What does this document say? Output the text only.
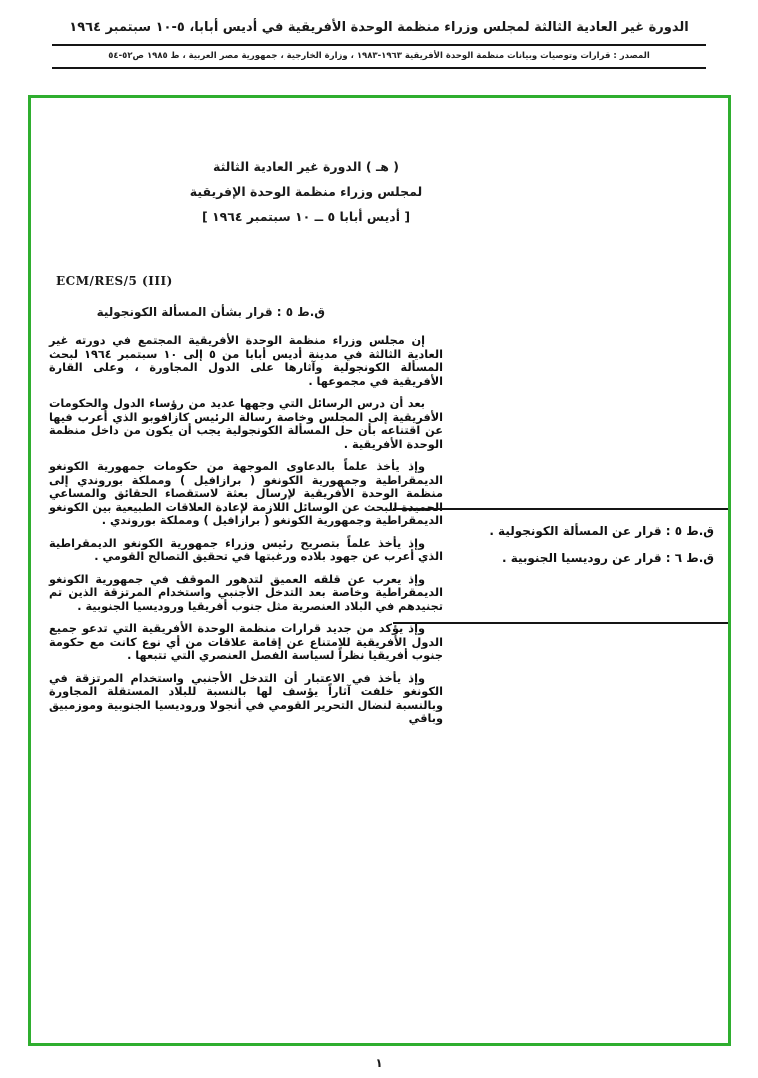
الدورة غير العادية الثالثة لمجلس وزراء منظمة الوحدة الأفريقية في أديس أبابا، ٥-١٠ سبتمبر ١٩٦٤
المصدر : قرارات وتوصيات وبيانات منظمة الوحدة الأفريقية ١٩٦٣-١٩٨٣ ، وزارة الخارجية ، جمهورية مصر العربية ، ط ١٩٨٥ ص٥٢-٥٤
( هـ ) الدورة غير العادية الثالثة
لمجلس وزراء منظمة الوحدة الإفريقية
[ أديس أبابا ٥ ــ ١٠ سبتمبر ١٩٦٤ ]
ECM/RES/5 (III)
ق.ط ٥ : قرار بشأن المسألة الكونجولية

إن مجلس وزراء منظمة الوحدة الأفريقية المجتمع في دورته غير العادية الثالثة في مدينة أديس أبابا من ٥ إلى ١٠ سبتمبر ١٩٦٤ لبحث المسألة الكونجولية وآثارها على الدول المجاورة ، وعلى القارة الأفريقية في مجموعها .

بعد أن درس الرسائل التي وجهها عديد من رؤساء الدول والحكومات الأفريقية إلى المجلس وخاصة رسالة الرئيس كازافوبو الذي أعرب فيها عن اقتناعه بأن حل المسألة الكونجولية يجب أن يكون من داخل منظمة الوحدة الأفريقية .

وإذ يأخذ علماً بالدعاوى الموجهة من حكومات جمهورية الكونغو الديمقراطية وجمهورية الكونغو ( برازافيل ) ومملكة بوروندي إلى منظمة الوحدة الأفريقية لإرسال بعثة لاستقصاء الحقائق والمساعي الحميدة للبحث عن الوسائل اللازمة لإعادة العلاقات الطبيعية بين الكونغو الديمقراطية وجمهورية الكونغو ( برازافيل ) ومملكة بوروندي .

وإذ يأخذ علماً بتصريح رئيس وزراء جمهورية الكونغو الديمقراطية الذي أعرب عن جهود بلاده ورغبتها في تحقيق التصالح القومي .

وإذ يعرب عن قلقه العميق لتدهور الموقف في جمهورية الكونغو الديمقراطية وخاصة بعد التدخل الأجنبي واستخدام المرتزقة الذين تم تجنيدهم في البلاد العنصرية مثل جنوب أفريقيا وروديسيا الجنوبية .

وإذ يؤكد من جديد قرارات منظمة الوحدة الأفريقية التي تدعو جميع الدول الأفريقية للامتناع عن إقامة علاقات من أي نوع كانت مع حكومة جنوب أفريقيا نظراً لسياسة الفصل العنصري التي تتبعها .

وإذ يأخذ في الاعتبار أن التدخل الأجنبي واستخدام المرتزقة في الكونغو خلفت آثاراً يؤسف لها بالنسبة للبلاد المستقلة المجاورة وبالنسبة لنضال التحرير القومي في أنجولا وروديسيا الجنوبية وموزمبيق وباقي

ق.ط ٥ : قرار عن المسألة الكونجولية .
ق.ط ٦ : قرار عن روديسيا الجنوبية .
١
